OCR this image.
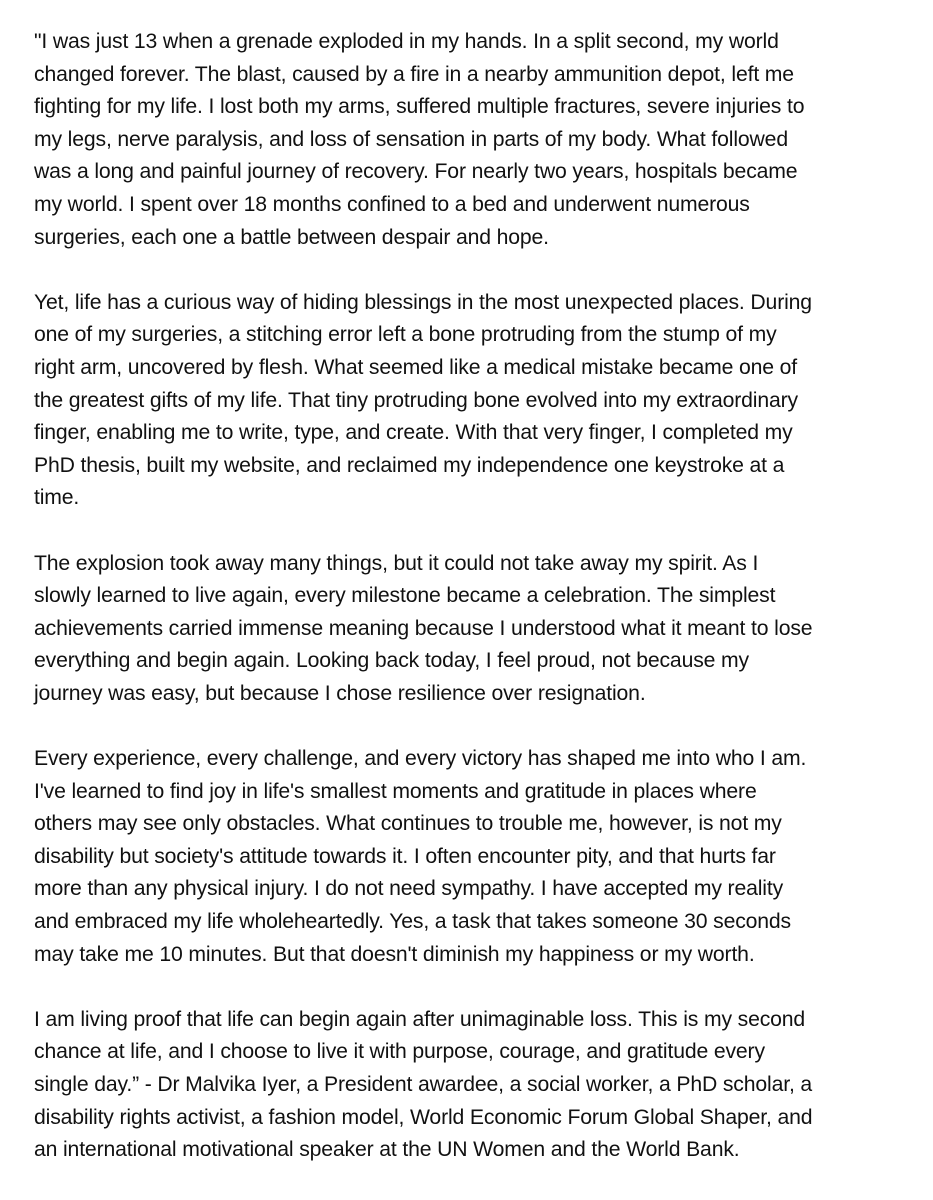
"I was just 13 when a grenade exploded in my hands. In a split second, my world
changed forever. The blast, caused by a fire in a nearby ammunition depot, left me
fighting for my life. I lost both my arms, suffered multiple fractures, severe injuries to
my legs, nerve paralysis, and loss of sensation in parts of my body. What followed
was a long and painful journey of recovery. For nearly two years, hospitals became
my world. I spent over 18 months confined to a bed and underwent numerous
surgeries, each one a battle between despair and hope.

Yet, life has a curious way of hiding blessings in the most unexpected places. During
one of my surgeries, a stitching error left a bone protruding from the stump of my
right arm, uncovered by flesh. What seemed like a medical mistake became one of
the greatest gifts of my life. That tiny protruding bone evolved into my extraordinary
finger, enabling me to write, type, and create. With that very finger, I completed my
PhD thesis, built my website, and reclaimed my independence one keystroke at a
time.

The explosion took away many things, but it could not take away my spirit. As I
slowly learned to live again, every milestone became a celebration. The simplest
achievements carried immense meaning because I understood what it meant to lose
everything and begin again. Looking back today, I feel proud, not because my
journey was easy, but because I chose resilience over resignation.

Every experience, every challenge, and every victory has shaped me into who I am.
I've learned to find joy in life's smallest moments and gratitude in places where
others may see only obstacles. What continues to trouble me, however, is not my
disability but society's attitude towards it. I often encounter pity, and that hurts far
more than any physical injury. I do not need sympathy. I have accepted my reality
and embraced my life wholeheartedly. Yes, a task that takes someone 30 seconds
may take me 10 minutes. But that doesn't diminish my happiness or my worth.

I am living proof that life can begin again after unimaginable loss. This is my second
chance at life, and I choose to live it with purpose, courage, and gratitude every
single day.” - Dr Malvika Iyer, a President awardee, a social worker, a PhD scholar, a
disability rights activist, a fashion model, World Economic Forum Global Shaper, and
an international motivational speaker at the UN Women and the World Bank.
